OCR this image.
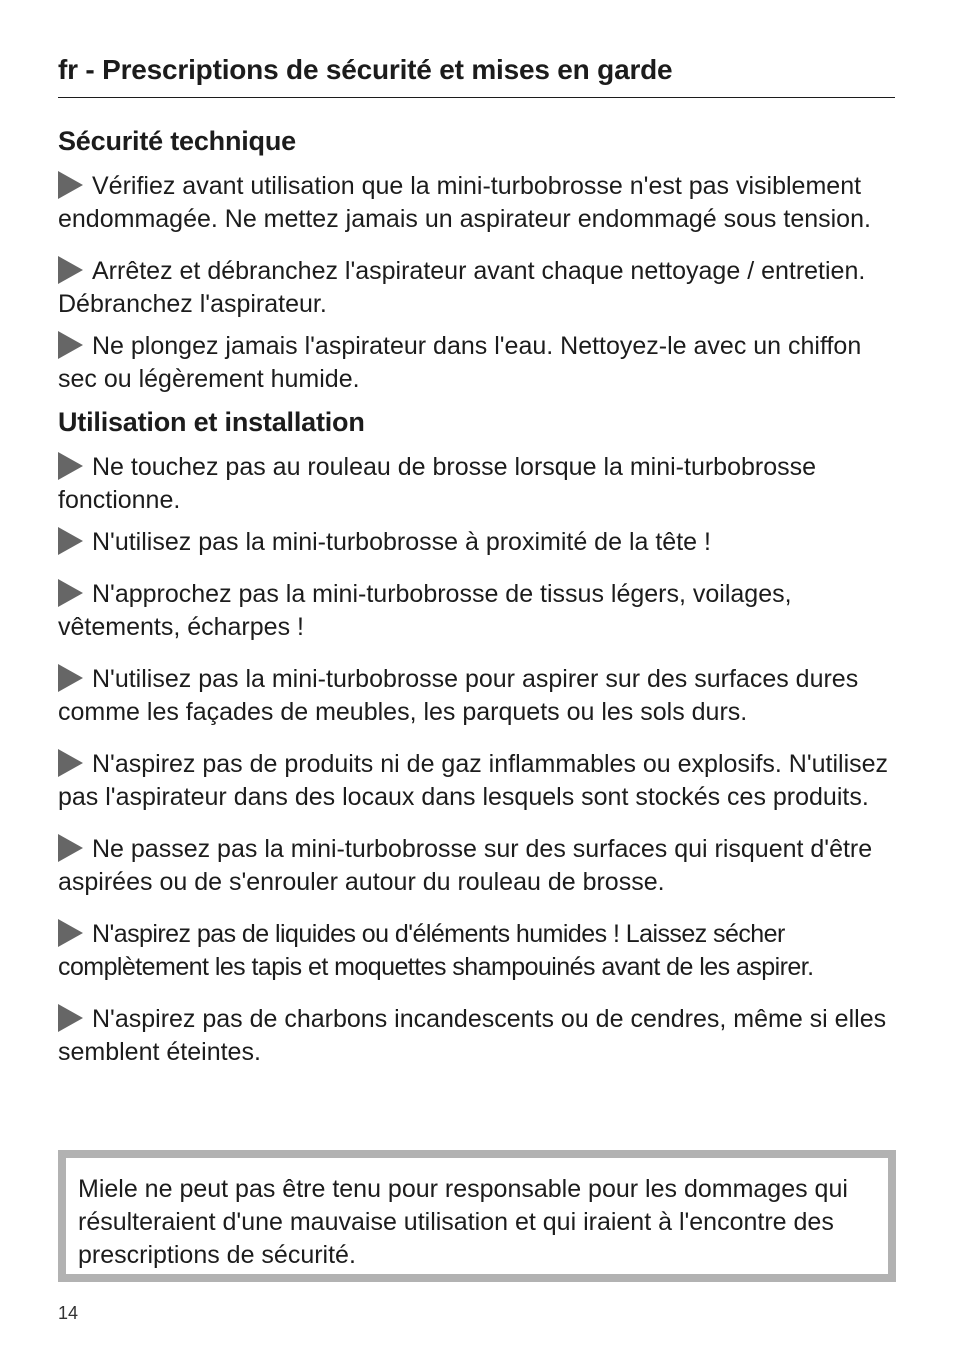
fr - Prescriptions de sécurité et mises en garde
Sécurité technique

Vérifiez avant utilisation que la mini-turbobrosse n'est pas visiblement endommagée. Ne mettez jamais un aspirateur endommagé sous tension.

Arrêtez et débranchez l'aspirateur avant chaque nettoyage / entretien. Débranchez l'aspirateur.

Ne plongez jamais l'aspirateur dans l'eau. Nettoyez-le avec un chiffon sec ou légèrement humide.

Utilisation et installation

Ne touchez pas au rouleau de brosse lorsque la mini-turbobrosse fonctionne.

N'utilisez pas la mini-turbobrosse à proximité de la tête !

N'approchez pas la mini-turbobrosse de tissus légers, voilages, vêtements, écharpes !

N'utilisez pas la mini-turbobrosse pour aspirer sur des surfaces dures comme les façades de meubles, les parquets ou les sols durs.

N'aspirez pas de produits ni de gaz inflammables ou explosifs. N'utilisez pas l'aspirateur dans des locaux dans lesquels sont stockés ces produits.

Ne passez pas la mini-turbobrosse sur des surfaces qui risquent d'être aspirées ou de s'enrouler autour du rouleau de brosse.

N'aspirez pas de liquides ou d'éléments humides ! Laissez sécher complètement les tapis et moquettes shampouinés avant de les aspirer.

N'aspirez pas de charbons incandescents ou de cendres, même si elles semblent éteintes.

Miele ne peut pas être tenu pour responsable pour les dommages qui résulteraient d'une mauvaise utilisation et qui iraient à l'encontre des prescriptions de sécurité.
14
